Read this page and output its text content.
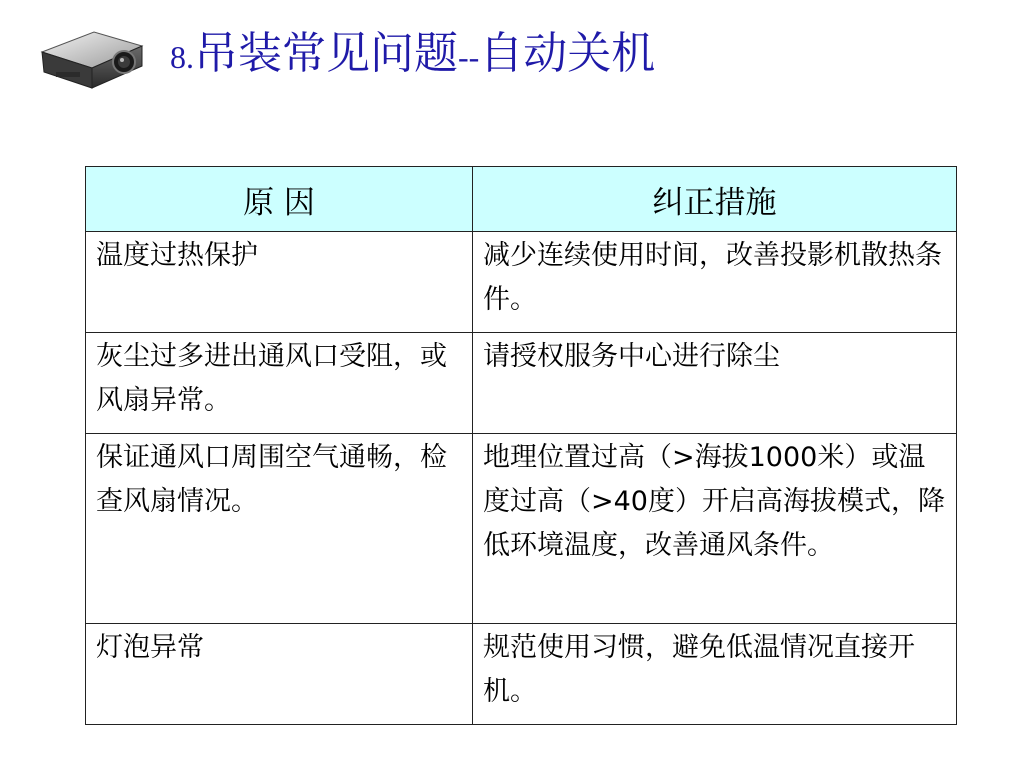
8.吊装常见问题--自动关机
原 因	纠正措施
温度过热保护	减少连续使用时间，改善投影机散热条件。
灰尘过多进出通风口受阻，或风扇异常。	请授权服务中心进行除尘
保证通风口周围空气通畅，检查风扇情况。	地理位置过高（>海拔1000米）或温度过高（>40度）开启高海拔模式，降低环境温度，改善通风条件。
灯泡异常	规范使用习惯，避免低温情况直接开机。
